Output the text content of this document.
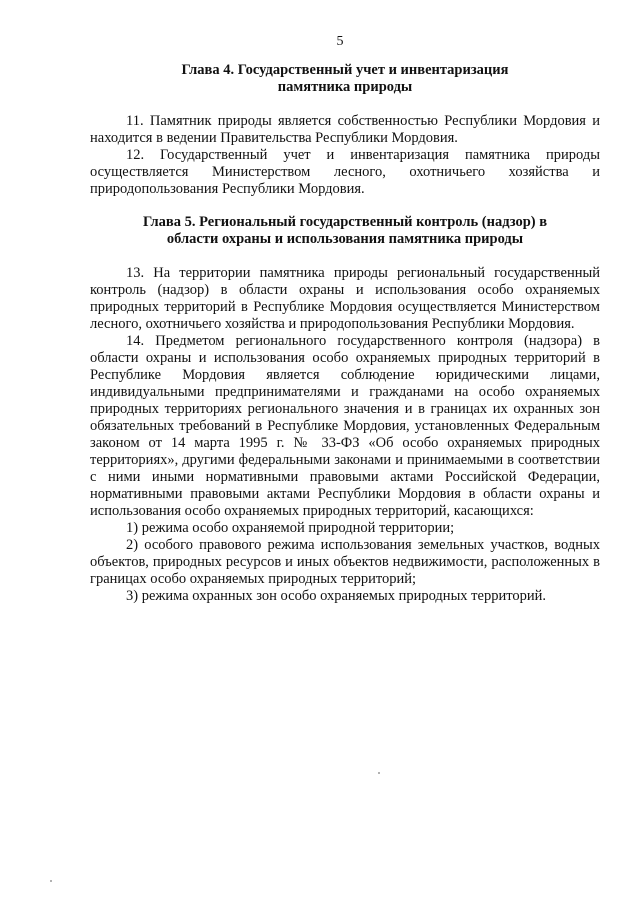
5
Глава 4. Государственный учет и инвентаризация
памятника природы

11. Памятник природы является собственностью Республики Мордовия и находится в ведении Правительства Республики Мордовия.

12. Государственный учет и инвентаризация памятника природы осуществляется Министерством лесного, охотничьего хозяйства и природопользования Республики Мордовия.

Глава 5. Региональный государственный контроль (надзор) в
области охраны и использования памятника природы

13. На территории памятника природы региональный государственный контроль (надзор) в области охраны и использования особо охраняемых природных территорий в Республике Мордовия осуществляется Министерством лесного, охотничьего хозяйства и природопользования Республики Мордовия.

14. Предметом регионального государственного контроля (надзора) в области охраны и использования особо охраняемых природных территорий в Республике Мордовия является соблюдение юридическими лицами, индивидуальными предпринимателями и гражданами на особо охраняемых природных территориях регионального значения и в границах их охранных зон обязательных требований в Республике Мордовия, установленных Федеральным законом от 14 марта 1995 г. № 33-ФЗ «Об особо охраняемых природных территориях», другими федеральными законами и принимаемыми в соответствии с ними иными нормативными правовыми актами Российской Федерации, нормативными правовыми актами Республики Мордовия в области охраны и использования особо охраняемых природных территорий, касающихся:

1) режима особо охраняемой природной территории;

2) особого правового режима использования земельных участков, водных объектов, природных ресурсов и иных объектов недвижимости, расположенных в границах особо охраняемых природных территорий;

3) режима охранных зон особо охраняемых природных территорий.
